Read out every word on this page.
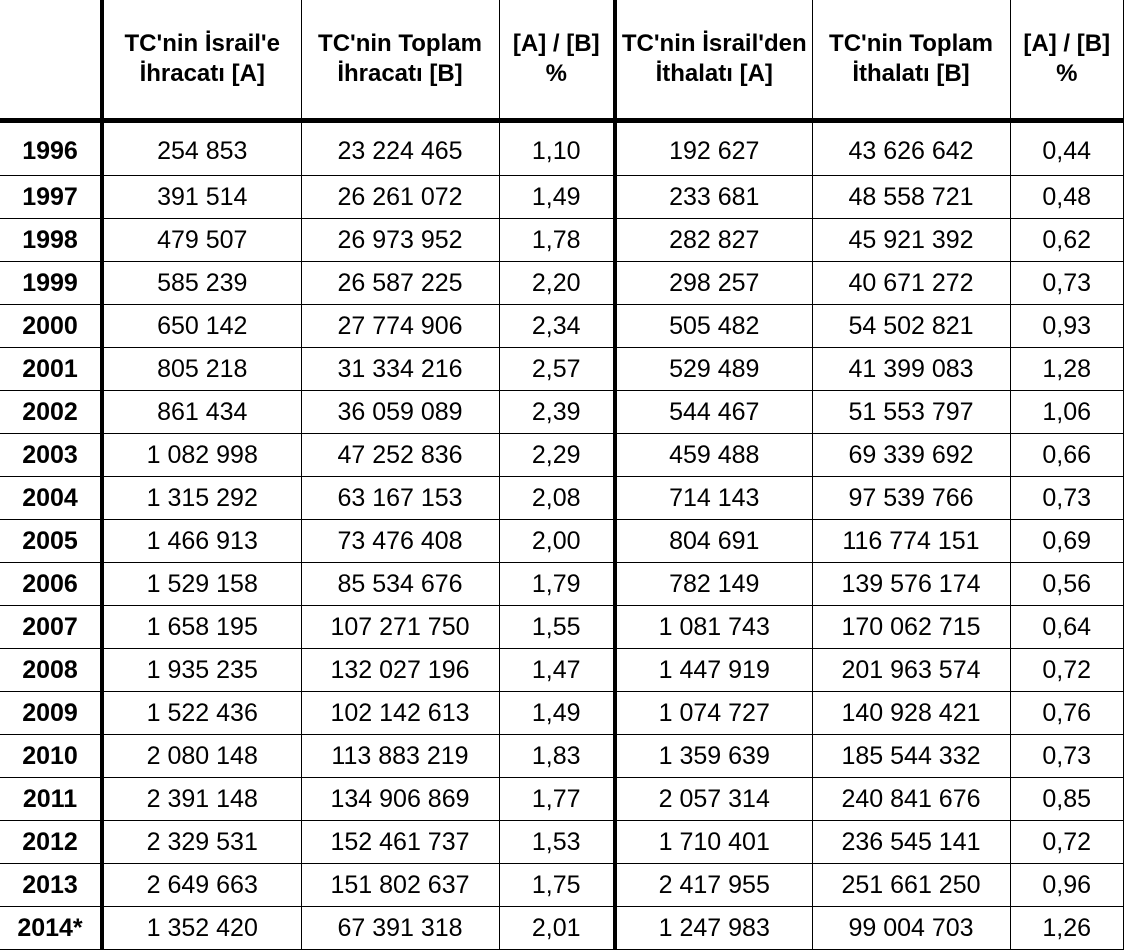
	TC'nin İsrail'e İhracatı [A]	TC'nin Toplam İhracatı [B]	[A] / [B] %	TC'nin İsrail'den İthalatı [A]	TC'nin Toplam İthalatı [B]	[A] / [B] %
1996	254 853	23 224 465	1,10	192 627	43 626 642	0,44
1997	391 514	26 261 072	1,49	233 681	48 558 721	0,48
1998	479 507	26 973 952	1,78	282 827	45 921 392	0,62
1999	585 239	26 587 225	2,20	298 257	40 671 272	0,73
2000	650 142	27 774 906	2,34	505 482	54 502 821	0,93
2001	805 218	31 334 216	2,57	529 489	41 399 083	1,28
2002	861 434	36 059 089	2,39	544 467	51 553 797	1,06
2003	1 082 998	47 252 836	2,29	459 488	69 339 692	0,66
2004	1 315 292	63 167 153	2,08	714 143	97 539 766	0,73
2005	1 466 913	73 476 408	2,00	804 691	116 774 151	0,69
2006	1 529 158	85 534 676	1,79	782 149	139 576 174	0,56
2007	1 658 195	107 271 750	1,55	1 081 743	170 062 715	0,64
2008	1 935 235	132 027 196	1,47	1 447 919	201 963 574	0,72
2009	1 522 436	102 142 613	1,49	1 074 727	140 928 421	0,76
2010	2 080 148	113 883 219	1,83	1 359 639	185 544 332	0,73
2011	2 391 148	134 906 869	1,77	2 057 314	240 841 676	0,85
2012	2 329 531	152 461 737	1,53	1 710 401	236 545 141	0,72
2013	2 649 663	151 802 637	1,75	2 417 955	251 661 250	0,96
2014*	1 352 420	67 391 318	2,01	1 247 983	99 004 703	1,26
